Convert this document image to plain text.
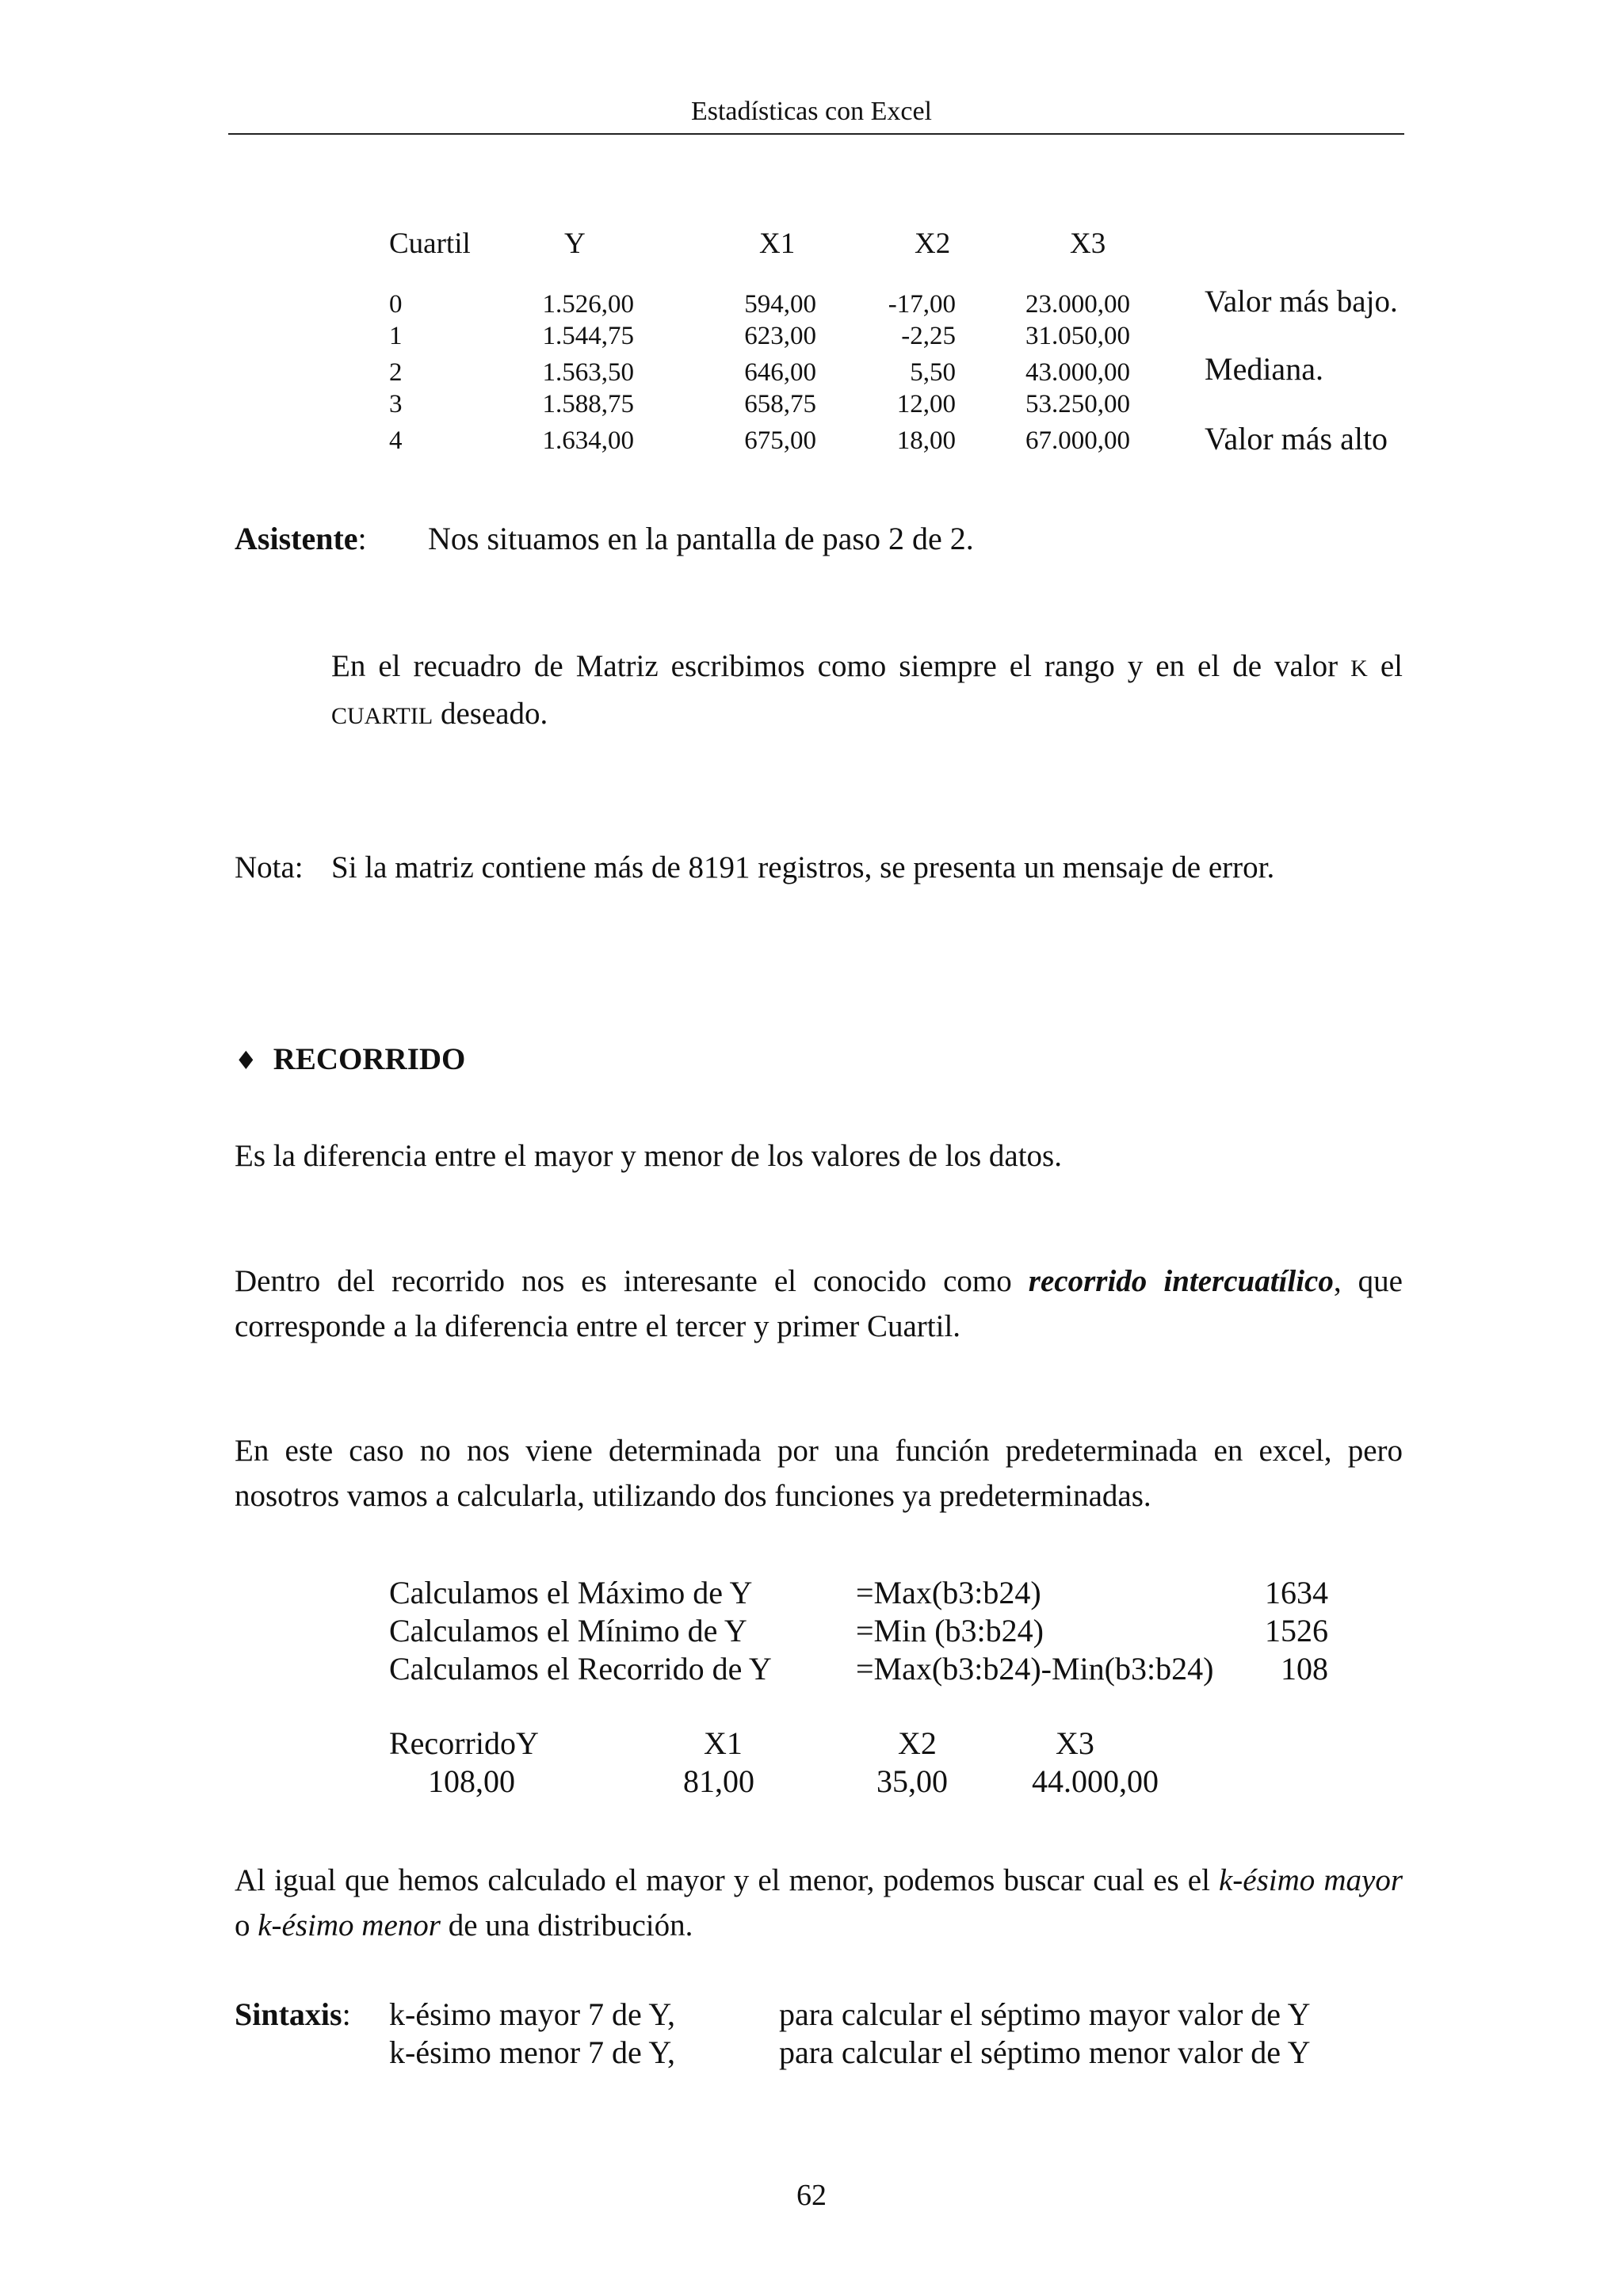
Estadísticas con Excel
Cuartil	Y	X1	X2	X3
0	1.526,00	594,00	-17,00	23.000,00 Valor más bajo.
1	1.544,75	623,00	-2,25	31.050,00
2	1.563,50	646,00	5,50	43.000,00 Mediana.
3	1.588,75	658,75	12,00	53.250,00
4	1.634,00	675,00	18,00	67.000,00 Valor más alto
Asistente: Nos situamos en la pantalla de paso 2 de 2.
En el recuadro de Matriz escribimos como siempre el rango y en el de valor K el CUARTIL deseado.
Nota: Si la matriz contiene más de 8191 registros, se presenta un mensaje de error.
♦ RECORRIDO
Es la diferencia entre el mayor y menor de los valores de los datos.
Dentro del recorrido nos es interesante el conocido como recorrido intercuatílico, que corresponde a la diferencia entre el tercer y primer Cuartil.
En este caso no nos viene determinada por una función predeterminada en excel, pero nosotros vamos a calcularla, utilizando dos funciones ya predeterminadas.
Calculamos el Máximo de Y	=Max(b3:b24)	1634
Calculamos el Mínimo de Y	=Min (b3:b24)	1526
Calculamos el Recorrido de Y	=Max(b3:b24)-Min(b3:b24)	108
RecorridoY	X1	X2	X3
108,00	81,00	35,00	44.000,00
Al igual que hemos calculado el mayor y el menor, podemos buscar cual es el k-ésimo mayor o k-ésimo menor de una distribución.
Sintaxis: k-ésimo mayor 7 de Y,	para calcular el séptimo mayor valor de Y
k-ésimo menor 7 de Y,	para calcular el séptimo menor valor de Y
62
